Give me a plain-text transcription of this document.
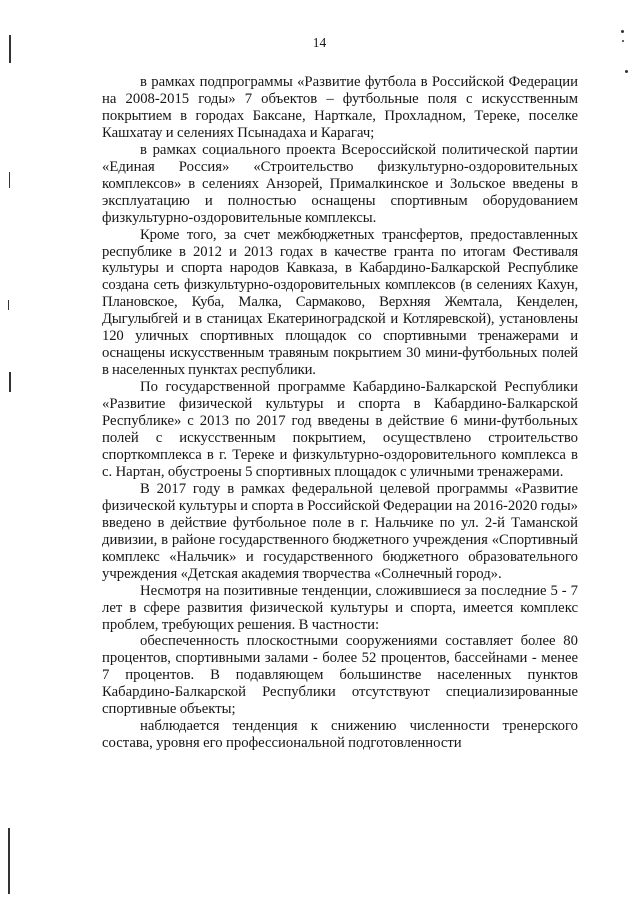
14

в рамках подпрограммы «Развитие футбола в Российской Федерации на 2008-2015 годы» 7 объектов – футбольные поля с искусственным покрытием в городах Баксане, Нарткале, Прохладном, Тереке, поселке Кашхатау и селениях Псынадаха и Карагач;

в рамках социального проекта Всероссийской политической партии «Единая Россия» «Строительство физкультурно-оздоровительных комплексов» в селениях Анзорей, Прималкинское и Зольское введены в эксплуатацию и полностью оснащены спортивным оборудованием физкультурно-оздоровительные комплексы.

Кроме того, за счет межбюджетных трансфертов, предоставленных республике в 2012 и 2013 годах в качестве гранта по итогам Фестиваля культуры и спорта народов Кавказа, в Кабардино-Балкарской Республике создана сеть физкультурно-оздоровительных комплексов (в селениях Кахун, Плановское, Куба, Малка, Сармаково, Верхняя Жемтала, Кенделен, Дыгулыбгей и в станицах Екатериноградской и Котляревской), установлены 120 уличных спортивных площадок со спортивными тренажерами и оснащены искусственным травяным покрытием 30 мини-футбольных полей в населенных пунктах республики.

По государственной программе Кабардино-Балкарской Республики «Развитие физической культуры и спорта в Кабардино-Балкарской Республике» с 2013 по 2017 год введены в действие 6 мини-футбольных полей с искусственным покрытием, осуществлено строительство спорткомплекса в г. Тереке и физкультурно-оздоровительного комплекса в с. Нартан, обустроены 5 спортивных площадок с уличными тренажерами.

В 2017 году в рамках федеральной целевой программы «Развитие физической культуры и спорта в Российской Федерации на 2016-2020 годы» введено в действие футбольное поле в г. Нальчике по ул. 2-й Таманской дивизии, в районе государственного бюджетного учреждения «Спортивный комплекс «Нальчик» и государственного бюджетного образовательного учреждения «Детская академия творчества «Солнечный город».

Несмотря на позитивные тенденции, сложившиеся за последние 5 - 7 лет в сфере развития физической культуры и спорта, имеется комплекс проблем, требующих решения. В частности:

обеспеченность плоскостными сооружениями составляет более 80 процентов, спортивными залами - более 52 процентов, бассейнами - менее 7 процентов. В подавляющем большинстве населенных пунктов Кабардино-Балкарской Республики отсутствуют специализированные спортивные объекты;

наблюдается тенденция к снижению численности тренерского состава, уровня его профессиональной подготовленности
